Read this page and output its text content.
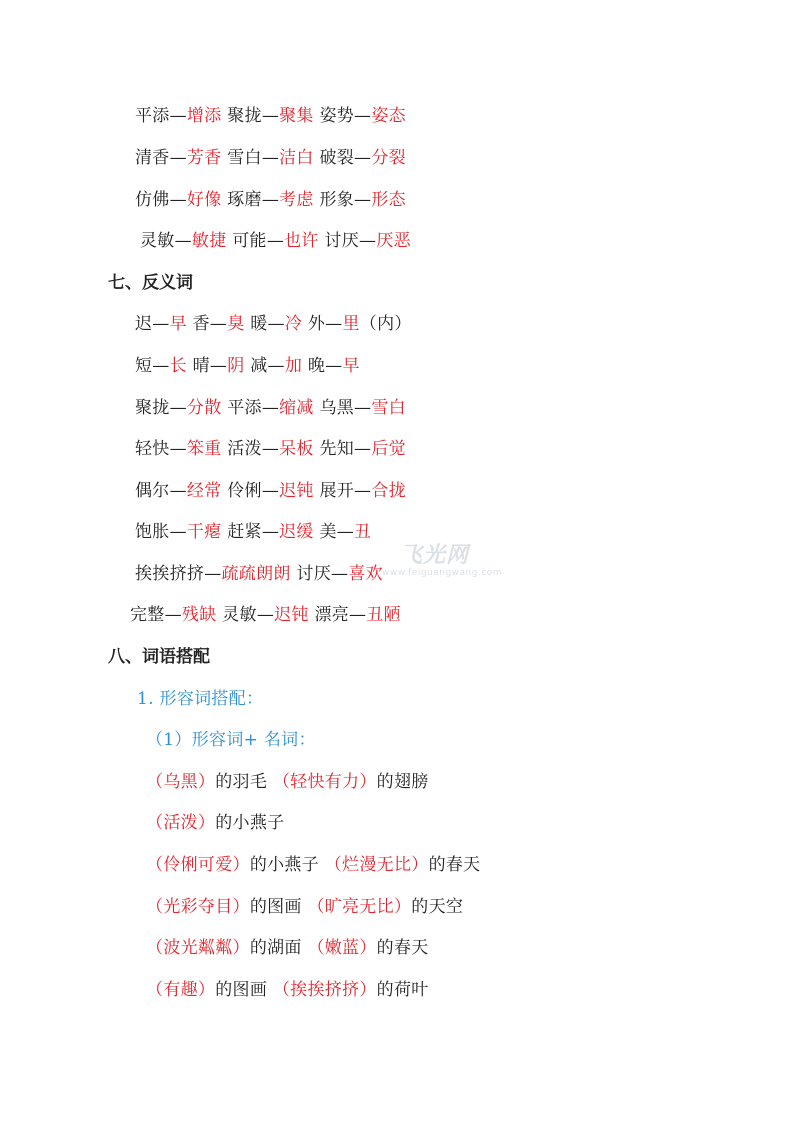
平添—增添 聚拢—聚集 姿势—姿态
清香—芳香 雪白—洁白 破裂—分裂
仿佛—好像 琢磨—考虑 形象—形态
灵敏—敏捷 可能—也许 讨厌—厌恶
七、反义词
迟—早 香—臭 暖—冷 外—里（内）
短—长 晴—阴 减—加 晚—早
聚拢—分散 平添—缩减 乌黑—雪白
轻快—笨重 活泼—呆板 先知—后觉
偶尔—经常 伶俐—迟钝 展开—合拢
饱胀—干瘪 赶紧—迟缓 美—丑
挨挨挤挤—疏疏朗朗 讨厌—喜欢
完整—残缺 灵敏—迟钝 漂亮—丑陋
八、词语搭配
1. 形容词搭配：
（1）形容词+ 名词：
（乌黑）的羽毛 （轻快有力）的翅膀
（活泼）的小燕子
（伶俐可爱）的小燕子 （烂漫无比）的春天
（光彩夺目）的图画 （旷亮无比）的天空
（波光粼粼）的湖面 （嫩蓝）的春天
（有趣）的图画 （挨挨挤挤）的荷叶
飞光网
www.feiguangwang.com
